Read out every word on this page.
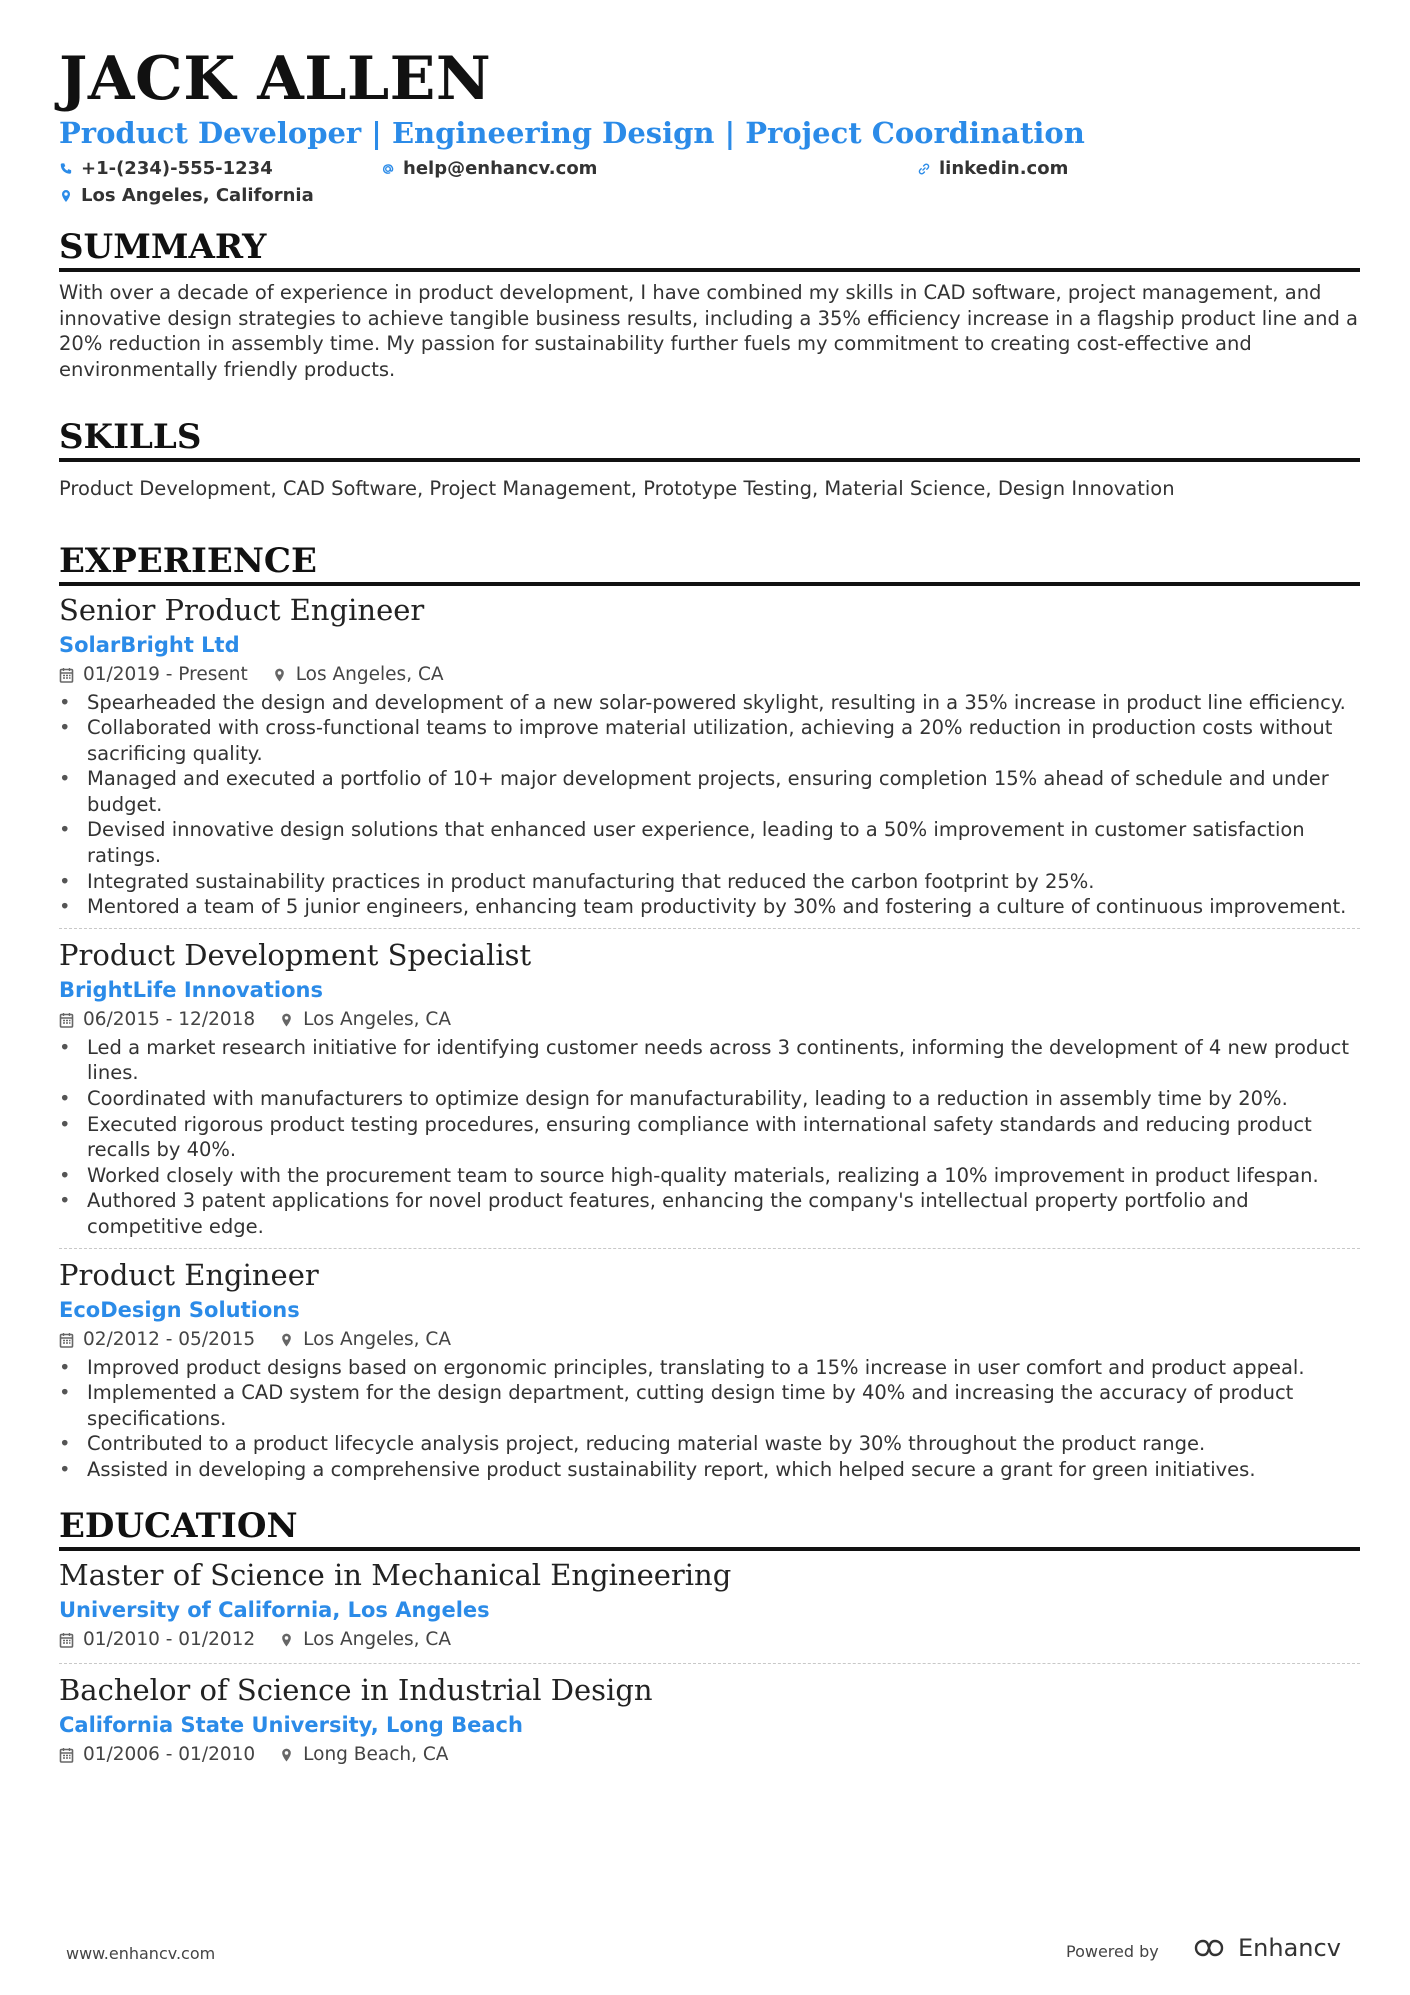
JACK ALLEN
Product Developer | Engineering Design | Project Coordination
+1-(234)-555-1234	help@enhancv.com	linkedin.com
Los Angeles, California
SUMMARY
With over a decade of experience in product development, I have combined my skills in CAD software, project management, and innovative design strategies to achieve tangible business results, including a 35% efficiency increase in a flagship product line and a 20% reduction in assembly time. My passion for sustainability further fuels my commitment to creating cost-effective and environmentally friendly products.
SKILLS
Product Development, CAD Software, Project Management, Prototype Testing, Material Science, Design Innovation
EXPERIENCE
Senior Product Engineer
SolarBright Ltd
01/2019 - Present	Los Angeles, CA
• Spearheaded the design and development of a new solar-powered skylight, resulting in a 35% increase in product line efficiency.
• Collaborated with cross-functional teams to improve material utilization, achieving a 20% reduction in production costs without sacrificing quality.
• Managed and executed a portfolio of 10+ major development projects, ensuring completion 15% ahead of schedule and under budget.
• Devised innovative design solutions that enhanced user experience, leading to a 50% improvement in customer satisfaction ratings.
• Integrated sustainability practices in product manufacturing that reduced the carbon footprint by 25%.
• Mentored a team of 5 junior engineers, enhancing team productivity by 30% and fostering a culture of continuous improvement.
Product Development Specialist
BrightLife Innovations
06/2015 - 12/2018	Los Angeles, CA
• Led a market research initiative for identifying customer needs across 3 continents, informing the development of 4 new product lines.
• Coordinated with manufacturers to optimize design for manufacturability, leading to a reduction in assembly time by 20%.
• Executed rigorous product testing procedures, ensuring compliance with international safety standards and reducing product recalls by 40%.
• Worked closely with the procurement team to source high-quality materials, realizing a 10% improvement in product lifespan.
• Authored 3 patent applications for novel product features, enhancing the company's intellectual property portfolio and competitive edge.
Product Engineer
EcoDesign Solutions
02/2012 - 05/2015	Los Angeles, CA
• Improved product designs based on ergonomic principles, translating to a 15% increase in user comfort and product appeal.
• Implemented a CAD system for the design department, cutting design time by 40% and increasing the accuracy of product specifications.
• Contributed to a product lifecycle analysis project, reducing material waste by 30% throughout the product range.
• Assisted in developing a comprehensive product sustainability report, which helped secure a grant for green initiatives.
EDUCATION
Master of Science in Mechanical Engineering
University of California, Los Angeles
01/2010 - 01/2012	Los Angeles, CA
Bachelor of Science in Industrial Design
California State University, Long Beach
01/2006 - 01/2010	Long Beach, CA
www.enhancv.com	Powered by	Enhancv
